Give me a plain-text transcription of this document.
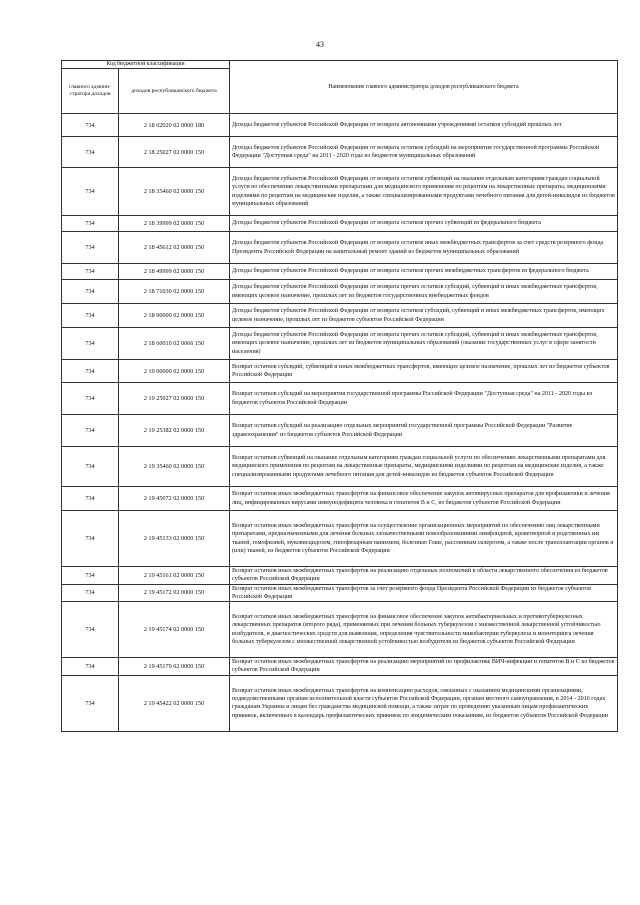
43
Код бюджетной классификации		Наименование главного администратора доходов республиканского бюджета
главного админи-стратора доходов	доходов республиканского бюджета	
734	2 18 02020 02 0000 180	Доходы бюджетов субъектов Российской Федерации от возврата автономными учреждениями остатков субсидий прошлых лет
734	2 18 25027 02 0000 150	Доходы бюджетов субъектов Российской Федерации от возврата остатков субсидий на мероприятия государственной программы Российской Федерации "Доступная среда" на 2011 - 2020 годы из бюджетов муниципальных образований
734	2 18 35460 02 0000 150	Доходы бюджетов субъектов Российской Федерации от возврата остатков субвенций на оказание отдельным категориям граждан социальной услуги по обеспечению лекарственными препаратами для медицинского применения по рецептам на лекарственные препараты, медицинскими изделиями по рецептам на медицинские изделия, а также специализированными продуктами лечебного питания для детей-инвалидов из бюджетов муниципальных образований
734	2 18 39999 02 0000 150	Доходы бюджетов субъектов Российской Федерации от возврата остатков прочих субвенций из федерального бюджета
734	2 18 45612 02 0000 150	Доходы бюджетов субъектов Российской Федерации от возврата остатков иных межбюджетных трансфертов за счет средств резервного фонда Президента Российской Федерации на капитальный ремонт зданий из бюджетов муниципальных образований
734	2 18 49999 02 0000 150	Доходы бюджетов субъектов Российской Федерации от возврата остатков прочих межбюджетных трансфертов из федерального бюджета
734	2 18 71030 02 0000 150	Доходы бюджетов субъектов Российской Федерации от возврата прочих остатков субсидий, субвенций и иных межбюджетных трансфертов, имеющих целевое назначение, прошлых лет из бюджетов государственных внебюджетных фондов
734	2 18 90000 02 0000 150	Доходы бюджетов субъектов Российской Федерации от возврата остатков субсидий, субвенций и иных межбюджетных трансфертов, имеющих целевое назначение, прошлых лет из бюджетов субъектов Российской Федерации
734	2 18 60010 02 0066 150	Доходы бюджетов субъектов Российской Федерации от возврата прочих остатков субсидий, субвенций и иных межбюджетных трансфертов, имеющих целевое назначение, прошлых лет из бюджетов муниципальных образований (оказание государственных услуг в сфере занятости населения)
734	2 19 00000 02 0000 150	Возврат остатков субсидий, субвенций и иных межбюджетных трансфертов, имеющих целевое назначение, прошлых лет из бюджетов субъектов Российской Федерации
734	2 19 25027 02 0000 150	Возврат остатков субсидий на мероприятия государственной программы Российской Федерации "Доступная среда" на 2011 - 2020 годы из бюджетов субъектов Российской Федерации
734	2 19 25382 02 0000 150	Возврат остатков субсидий на реализацию отдельных мероприятий государственной программы Российской Федерации "Развитие здравоохранения" из бюджетов субъектов Российской Федерации
734	2 19 35460 02 0000 150	Возврат остатков субвенций на оказание отдельным категориям граждан социальной услуги по обеспечению лекарственными препаратами для медицинского применения по рецептам на лекарственные препараты, медицинскими изделиями по рецептам на медицинские изделия, а также специализированными продуктами лечебного питания для детей-инвалидов из бюджетов субъектов Российской Федерации
734	2 19 45072 02 0000 150	Возврат остатков иных межбюджетных трансфертов на финансовое обеспечение закупок антивирусных препаратов для профилактики и лечения лиц, инфицированных вирусами иммунодефицита человека и гепатитов В и С, из бюджетов субъектов Российской Федерации
734	2 19 45133 02 0000 150	Возврат остатков иных межбюджетных трансфертов на осуществление организационных мероприятий по обеспечению лиц лекарственными препаратами, предназначенными для лечения больных злокачественными новообразованиями лимфоидной, кроветворной и родственных им тканей, гемофилией, муковисцидозом, гипофизарным нанизмом, болезнью Гоше, рассеянным склерозом, а также после трансплантации органов и (или) тканей, из бюджетов субъектов Российской Федерации
734	2 19 45161 02 0000 150	Возврат остатков иных межбюджетных трансфертов на реализацию отдельных полномочий в области лекарственного обеспечения из бюджетов субъектов Российской Федерации
734	2 19 45172 02 0000 150	Возврат остатков иных межбюджетных трансфертов за счет резервного фонда Президента Российской Федерации из бюджетов субъектов Российской Федерации
734	2 19 45174 02 0000 150	Возврат остатков иных межбюджетных трансфертов на финансовое обеспечение закупок антибактериальных и противотуберкулезных лекарственных препаратов (второго ряда), применяемых при лечении больных туберкулезом с множественной лекарственной устойчивостью возбудителя, и диагностических средств для выявления, определения чувствительности микобактерии туберкулеза и мониторинга лечения больных туберкулезом с множественной лекарственной устойчивостью возбудителя из бюджетов субъектов Российской Федерации
734	2 19 45179 02 0000 150	Возврат остатков иных межбюджетных трансфертов на реализацию мероприятий по профилактике ВИЧ-инфекции и гепатитов В и С из бюджетов субъектов Российской Федерации
734	2 19 45422 02 0000 150	Возврат остатков иных межбюджетных трансфертов на компенсацию расходов, связанных с оказанием медицинскими организациями, подведомственными органам исполнительной власти субъектов Российской Федерации, органам местного самоуправления, в 2014 - 2016 годах гражданам Украины и лицам без гражданства медицинской помощи, а также затрат по проведению указанным лицам профилактических прививок, включенных в календарь профилактических прививок по эпидемическим показаниям, из бюджетов субъектов Российской Федерации
